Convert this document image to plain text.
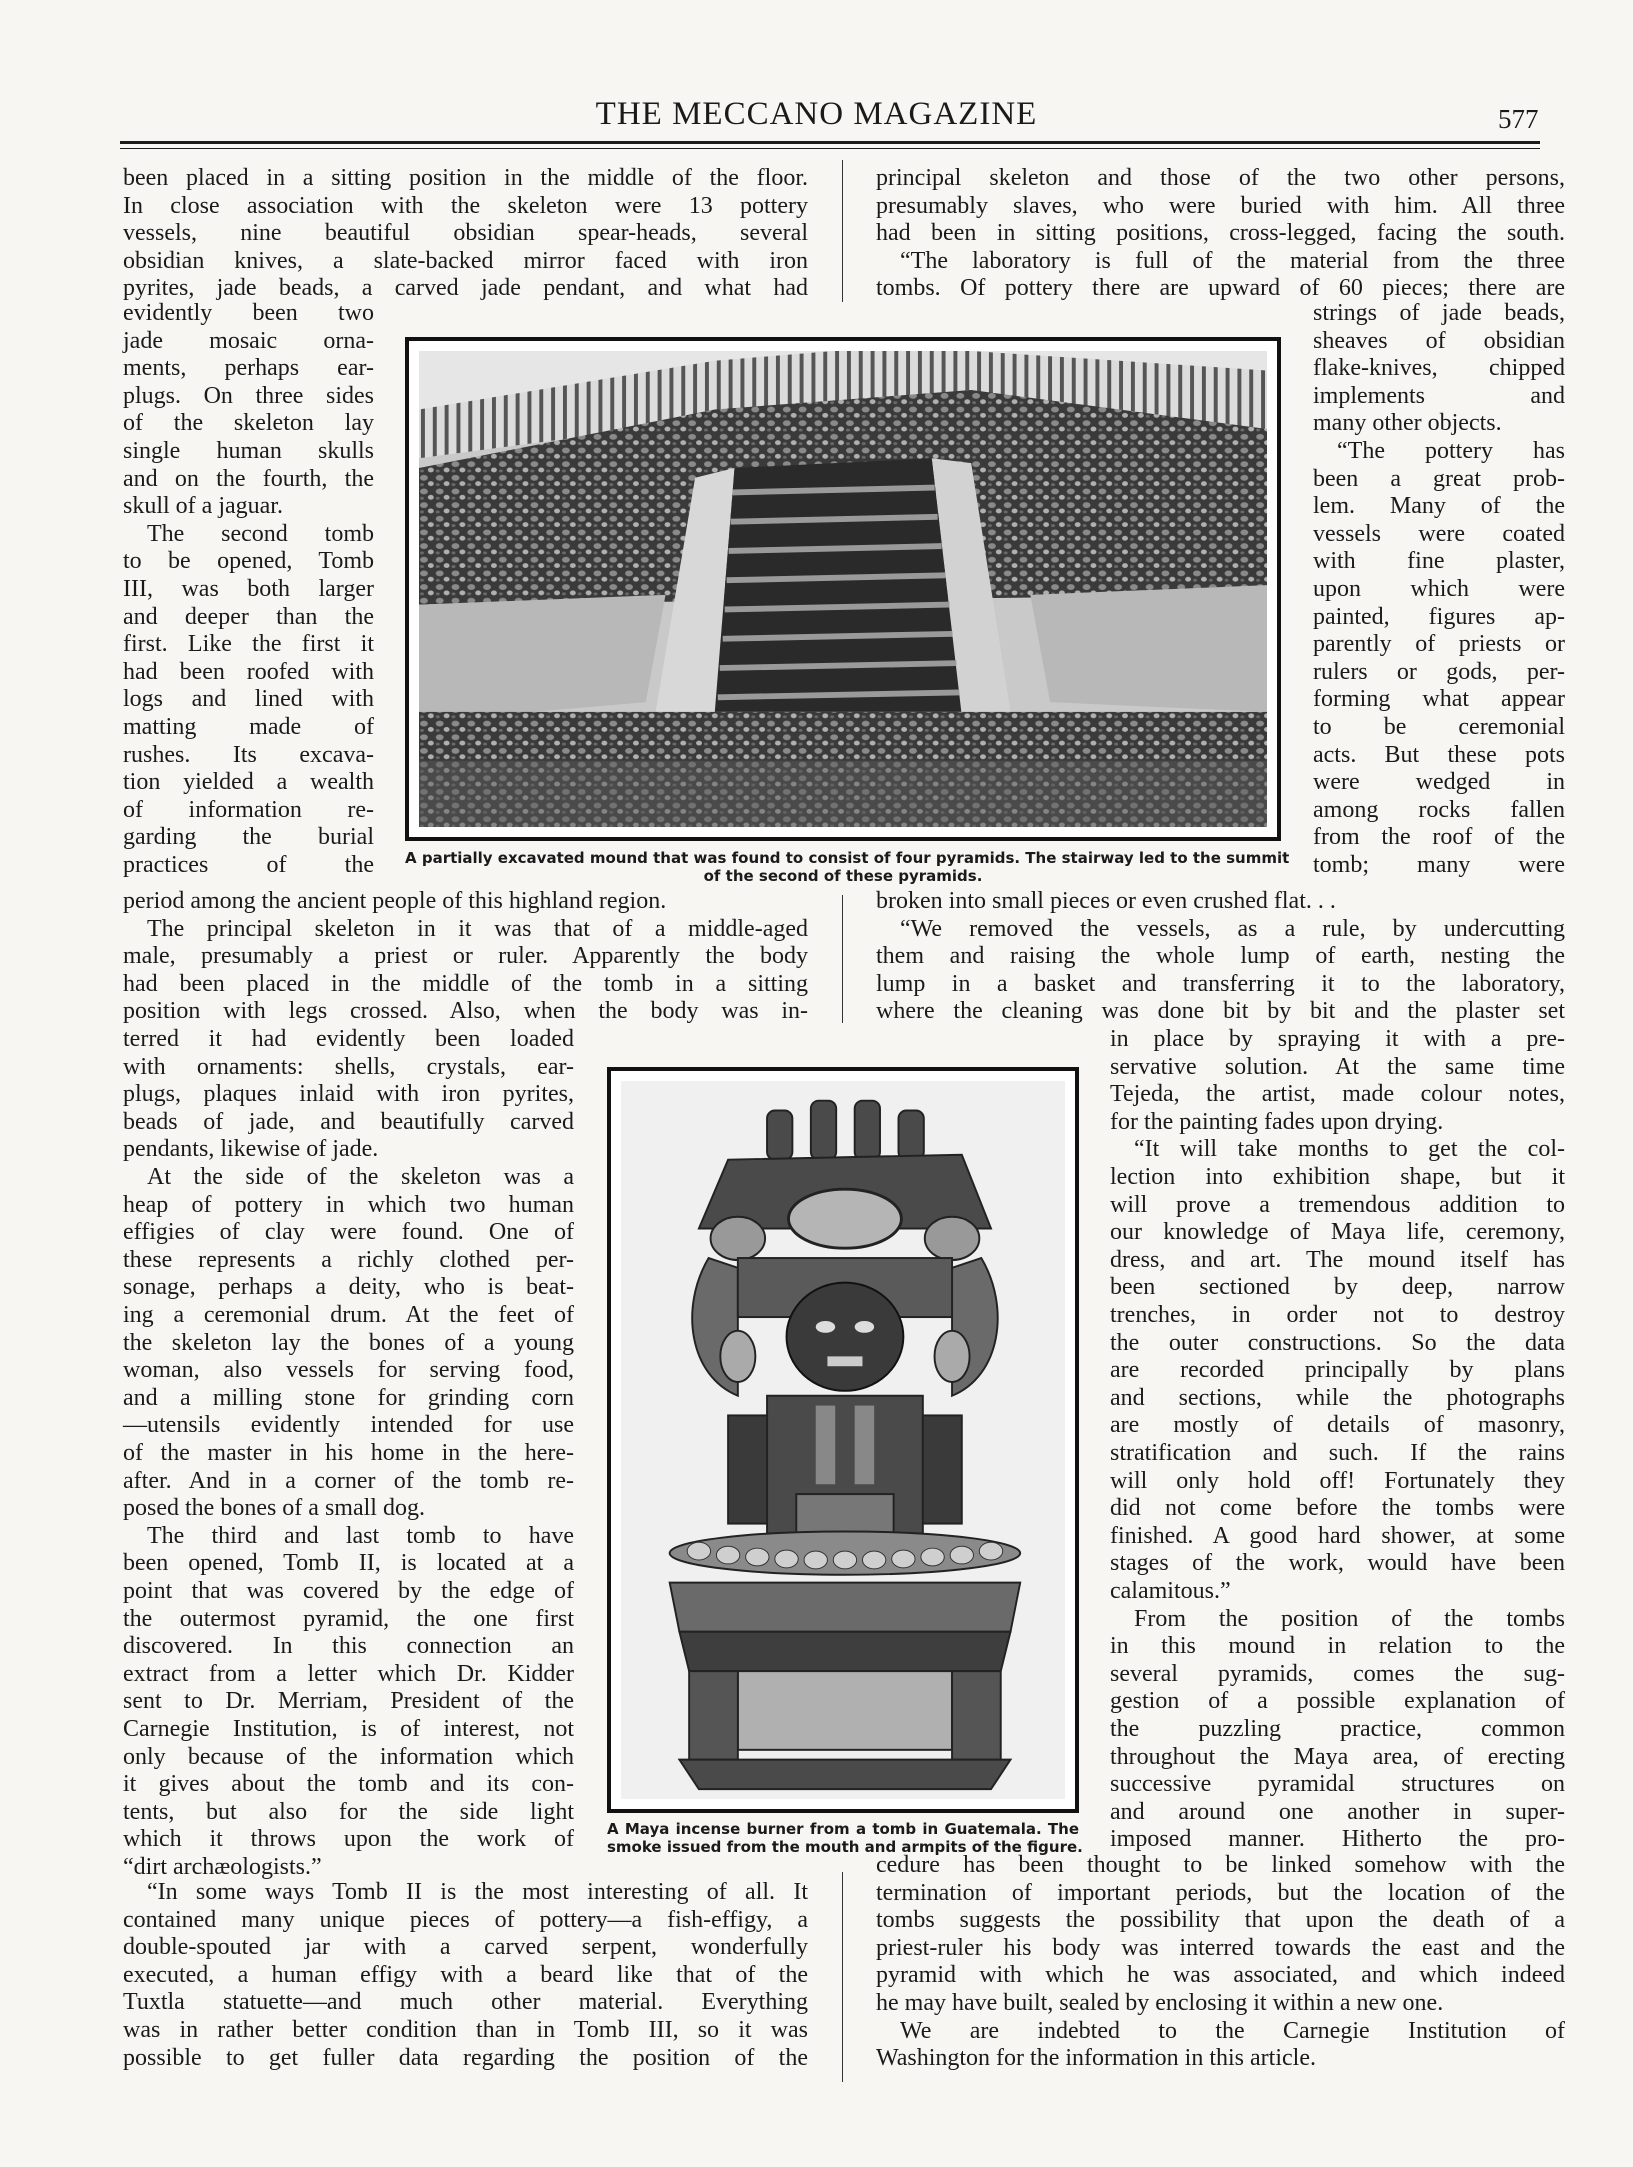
THE MECCANO MAGAZINE	577
been placed in a sitting position in the middle of the floor.
In close association with the skeleton were 13 pottery
vessels, nine beautiful obsidian spear-heads, several
obsidian knives, a slate-backed mirror faced with iron
pyrites, jade beads, a carved jade pendant, and what had
evidently been two
jade mosaic orna-
ments, perhaps ear-
plugs. On three sides
of the skeleton lay
single human skulls
and on the fourth, the
skull of a jaguar.
The second tomb
to be opened, Tomb
III, was both larger
and deeper than the
first. Like the first it
had been roofed with
logs and lined with
matting made of
rushes. Its excava-
tion yielded a wealth
of information re-
garding the burial
practices of the
period among the ancient people of this highland region.
The principal skeleton in it was that of a middle-aged
male, presumably a priest or ruler. Apparently the body
had been placed in the middle of the tomb in a sitting
position with legs crossed. Also, when the body was in-
terred it had evidently been loaded
with ornaments: shells, crystals, ear-
plugs, plaques inlaid with iron pyrites,
beads of jade, and beautifully carved
pendants, likewise of jade.
At the side of the skeleton was a
heap of pottery in which two human
effigies of clay were found. One of
these represents a richly clothed per-
sonage, perhaps a deity, who is beat-
ing a ceremonial drum. At the feet of
the skeleton lay the bones of a young
woman, also vessels for serving food,
and a milling stone for grinding corn
—utensils evidently intended for use
of the master in his home in the here-
after. And in a corner of the tomb re-
posed the bones of a small dog.
The third and last tomb to have
been opened, Tomb II, is located at a
point that was covered by the edge of
the outermost pyramid, the one first
discovered. In this connection an
extract from a letter which Dr. Kidder
sent to Dr. Merriam, President of the
Carnegie Institution, is of interest, not
only because of the information which
it gives about the tomb and its con-
tents, but also for the side light
which it throws upon the work of
“dirt archæologists.”
“In some ways Tomb II is the most interesting of all. It
contained many unique pieces of pottery—a fish-effigy, a
double-spouted jar with a carved serpent, wonderfully
executed, a human effigy with a beard like that of the
Tuxtla statuette—and much other material. Everything
was in rather better condition than in Tomb III, so it was
possible to get fuller data regarding the position of the
principal skeleton and those of the two other persons,
presumably slaves, who were buried with him. All three
had been in sitting positions, cross-legged, facing the south.
“The laboratory is full of the material from the three
tombs. Of pottery there are upward of 60 pieces; there are
strings of jade beads,
sheaves of obsidian
flake-knives, chipped
implements and
many other objects.
“The pottery has
been a great prob-
lem. Many of the
vessels were coated
with fine plaster,
upon which were
painted, figures ap-
parently of priests or
rulers or gods, per-
forming what appear
to be ceremonial
acts. But these pots
were wedged in
among rocks fallen
from the roof of the
tomb; many were
broken into small pieces or even crushed flat. . .
“We removed the vessels, as a rule, by undercutting
them and raising the whole lump of earth, nesting the
lump in a basket and transferring it to the laboratory,
where the cleaning was done bit by bit and the plaster set
in place by spraying it with a pre-
servative solution. At the same time
Tejeda, the artist, made colour notes,
for the painting fades upon drying.
“It will take months to get the col-
lection into exhibition shape, but it
will prove a tremendous addition to
our knowledge of Maya life, ceremony,
dress, and art. The mound itself has
been sectioned by deep, narrow
trenches, in order not to destroy
the outer constructions. So the data
are recorded principally by plans
and sections, while the photographs
are mostly of details of masonry,
stratification and such. If the rains
will only hold off! Fortunately they
did not come before the tombs were
finished. A good hard shower, at some
stages of the work, would have been
calamitous.”
From the position of the tombs
in this mound in relation to the
several pyramids, comes the sug-
gestion of a possible explanation of
the puzzling practice, common
throughout the Maya area, of erecting
successive pyramidal structures on
and around one another in super-
imposed manner. Hitherto the pro-
cedure has been thought to be linked somehow with the
termination of important periods, but the location of the
tombs suggests the possibility that upon the death of a
priest-ruler his body was interred towards the east and the
pyramid with which he was associated, and which indeed
he may have built, sealed by enclosing it within a new one.
We are indebted to the Carnegie Institution of
Washington for the information in this article.
A partially excavated mound that was found to consist of four pyramids. The stairway led to the summit
of the second of these pyramids.
A Maya incense burner from a tomb in Guatemala. The
smoke issued from the mouth and armpits of the figure.
